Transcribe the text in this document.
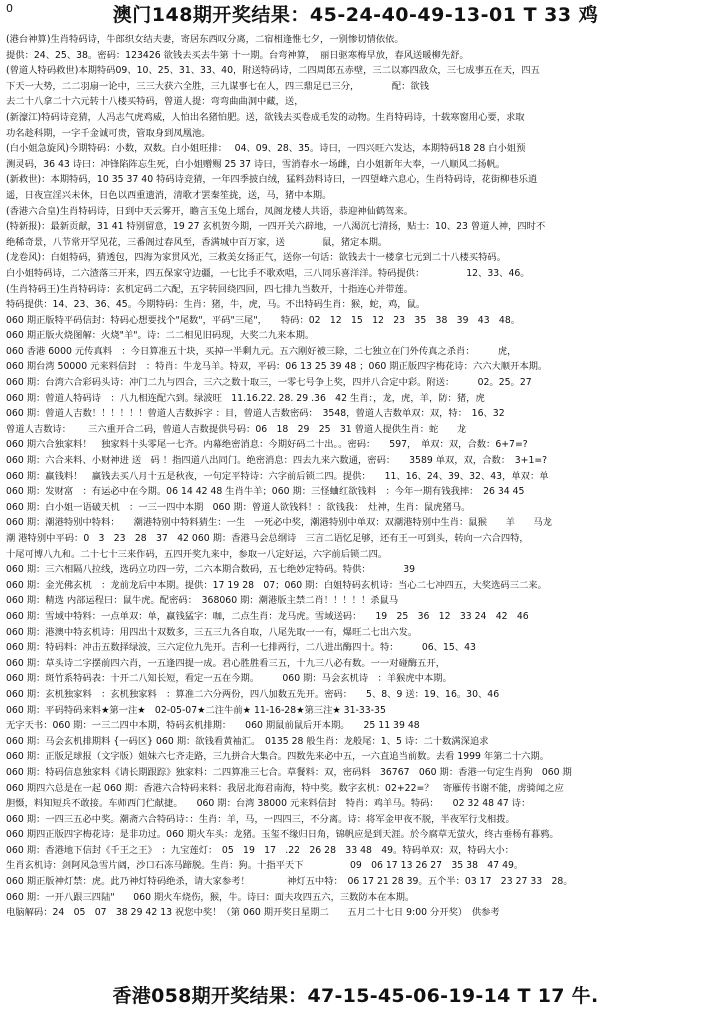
0	澳门148期开奖结果：45-24-40-49-13-01 T 33 鸡
(港台神算)生肖特码诗，牛郎织女结夫妻，寄居东西叹分离，二宿相逢惟七夕，一别惨切情依依。
提供：24、25、38。密码：123426 欲钱去买去牛第 十一期。台弯神算，　丽日驱寒梅早放，春风送暖柳先舒。
(曾道人特码救世)本期特码09、10、25、31、33、40，附送特码诗，二四周郎五赤壁，三二以寡四敌众，三七成事五在天，四五
下天一大势，二二羽扇一论中，三三大获六全胜，三九谋事七在人，四三鼎足已三分，　　　　配：欲钱
去二十八拿二十六元转十八楼买特码，曾道人提：弯弯曲曲洞中藏，送，
(新濠江)特码诗竞猜，人冯志气虎鸡威，人怕出名猪怕肥。送，欲钱去买卷成毛发的动物。生肖特码诗，十载寒窗用心要，求取
功名趁科期，一字千金诚可贵，管取身到凤凰池。
(白小姐急旋风)今期特码：小数，双数。白小姐旺排：　 04、09、28、35。诗曰，一四兴旺六发达，本期特码18 28 白小姐预
测灵码，36 43 诗曰：冲锋陷阵忘生死，白小姐赠赐 25 37 诗曰，雪消春水一场雌，白小姐新年大奉，一八顺风二扬帆。
(新救世)：本期特码，10 35 37 40 特码诗竞猜，一年四季披白绒，猛料劲料诗曰，一四望峰六息心，生肖特码诗，花街柳巷乐逍
遥，日夜宣淫兴未休，日色以西重遗消，清歌才罢秦笙拢，送，马，猪中本期。
(香港六合皇)生肖特码诗，日到中天云雾开，瞻言玉兔上瑶台，凤阁龙楼人共语，恭迎神仙鹤驾来。
(特新报)：最新贡献，31 41 特别留意，19 27 玄机贺今期，一四开关六辟地，一八渴沉七清扬，贴士：10、23 曾道人神，四时不
绝稀奇景，八节常开罕见花，三番阁过春风至，香满城中百万家，送　　　　鼠，猪定本期。
(龙卷风)：白姐特码，猜透包，四海为家贯风光，三救美女扬正气，送你一句话：欲钱去十一楼拿七元到二十八楼买特码。
白小姐特码诗，二六渣落三开来，四五保家守边疆，一七比手不歌欢唱，三八同乐喜洋洋。特码提供：　　　　　12、33、46。
(生肖特码王)生肖特码诗：玄机定码二六配，五字转回绕四回，四七排九当数开，十指连心并带莲。
特码提供：14、23、36、45。今期特码：生肖：猪，牛，虎，马。不出特码生肖：猴，蛇，鸡，鼠。
060 期正版特平码信封：特码心想要找个"尾数"，平码"三尾"，　　特码：02　12　15　12　23　35　38　39　43　48。
060 期正版火烧图解：火烧"羊"。诗：二二相见旧码现，大奖二九来本期。
060 香港 6000 元传真料　：今日算准五十块，买掉一半剩九元。五六刚好被三除，二七独立在门外传真之杀肖：　　　虎，
060 期台湾 50000 元来料信封　：特肖：牛龙马羊。特双，平码：06 13 25 39 48 ；060 期正版四字梅花诗：六六大顺开本期。
060 期：台湾六合彩码头诗：冲门二九与四合，三六之数十取三，一零七号争上奖，四并八合定中彩。附送：　　　02。25。27
060 期：曾道人特码诗　：八九相连配六到。绿波旺　11.16.22. 28. 29 .36　42 生肖：，龙，虎，羊，防：猪，虎
060 期：曾道人吉数！！！！！！曾道人吉数拆字 ：目，曾道人吉数密码：　3548，曾道人吉数单双：双，特：　16、32
曾道人吉数诗：　　 三六重开合二码，曾道人吉数提供号码：06　18　29　25　31 曾道人提供生肖：蛇　　龙
060 期六合独家料！　独家料十头零尾一七齐。内幕绝密消息：今期好码二十出。。密码：　　597，　单双：双，合数：6+7=?
060 期：六合来料、小财神进 送　码 ！指四道八出同门。绝密消息：四去九来六数通，密码：　　3589 单双，双，合数：　3+1=?
060 期：赢钱料！　赢钱去买八月十五是秋夜，一句定平特诗：六字前后锁二四。提供：　　11、16、24、39、32、43，单双：单
060 期：发财富　：有运必中在今期。06 14 42 48 生肖牛羊；060 期：三怪蛐红欲钱料　：今年一期有钱我摔：　26 34 45
060 期：白小姐一语破天机　：一三一四中本期　060 期：曾道人欲钱料！：欲钱我：　灶神，生肖：鼠虎猪马。
060 期：潮港特别中特料：　　潮港特别中特料猜生：一生　一死必中奖，潮港特别中单双：双潮港特别中生肖：鼠猴　　羊　　马龙
潮 港特别中平码：0　3　23　28　37　42 060 期：香港马会总纲诗　三言二语忆足够，还有王一可到头，转向一六合四特，
十尾可博八九和。二十七十三来作码，五四开奖九来中，参取一八定好运，六字前后锁二四。
060 期：三六相隔八拉线，选码立功四一劳，二六本期合数码，五七绝妙定特码。特供：　　　　39
060 期：金光佛玄机　：龙前龙后中本期。提供：17 19 28　07；060 期：白姐特码玄机诗：当心二七冲四五，大奖选码三二来。
060 期：精选 内部运程曰：鼠牛虎。配密码：　368060 期：潮港版主禁二肖！！！！！杀鼠马
060 期：雪域中特料：一点单双：单，赢钱猛字：咖，二点生肖：龙马虎。雪域送码：　　19　25　36　12　33 24　42　46
060 期：港澳中特玄机诗：用四出十双数多，三五三九各自取，八尾先取一一有，爆旺二七出六发。
060 期：特码料：冲击五数择绿波，三六定位九先开。吉利一七排两行，二八进出酶四十。特：　　　06、15、43
060 期：草头诗二字摆前四六肖，一五逢四提一成。君心胜胜看三五，十九三八必有数。一一对碰酶五开，
060 期：斑竹系特码表：十开二八知长短，看定一五在今期。　　　060 期：马会玄机诗　：羊猴虎中本期。
060 期：玄机独家料　：玄机独家料　：算准二六分两份，四八加数五先开。密码：　　5、8、9 送：19、16。30、46
060 期：平码特码来料★第一注★　02-05-07★二注牛前★ 11-16-28★第三注★ 31-33-35
无字天书：060 期：一三二四中本期，特码玄机排期：　　060 期鼠前鼠后开本期。　　25 11 39 48
060 期：马会玄机排期料 {一码区} 060 期：欲钱看黄袖汇。　0135 28 般生肖：龙般尾：1、5 诗：二十数满深追求
060 期：正版足球报（文字版）姐妹六七齐走路，三九拼合大集合。四数先来必中五，一六直追当前数。去看 1999 年第二十六期。
060 期：特码信息独家料《请长期跟踪》独家料：二四算准三七合。草餐料：双，密码料　36767　060 期：香港一句定生肖狗　060 期
060 期四六总是在一起 060 期：香港六合特码来料：我居北海君南海，特中奖。数字玄机：02+22=？　寄雁传书谢不能，虏骑闻之应
胆慑，料知短兵不敢接。车师西门伫献捷。　　060 期：台湾 38000 元来料信封　特肖：鸡羊马。特码：　　02 32 48 47 诗：
060 期：一四三五必中奖。潮斋六合特码诗：：生肖：羊，马，一四四三，不分离。诗：将军金甲夜不脱，半夜军行戈相拨。
060 期四正版四字梅花诗：是非功过。060 期火车头：龙猪。玉玺不缘归日角，锦帆应是到天涯。於今腐草无萤火，终古垂杨有暮鸦。
060 期：香港地下信封《千王之王》　：九宝莲灯：　05　19　17　.22　26 28　33 48　49。特码单双：双，特码大小：
生肖玄机诗：剑阿风急雪片阔，沙口石冻马蹄脱。生肖：狗。十指平天下　　　　　09　06 17 13 26 27　35 38　47 49。
060 期正版神灯禁：虎。此乃神灯特码绝杀，请大家参考！　　　　神灯五中特：　06 17 21 28 39。五个半：03 17　23 27 33　28。
060 期：一开八跟三四陆"　　060 期火车烧伤，猴，牛。诗曰：面夫攻四五六，三数防本在本期。
电脑解码：24　05　07　38 29 42 13 祝您中奖！（第 060 期开奖日星期二　　五月二十七日 9:00 分开奖）　供参考
香港058期开奖结果：47-15-45-06-19-14 T 17 牛.
